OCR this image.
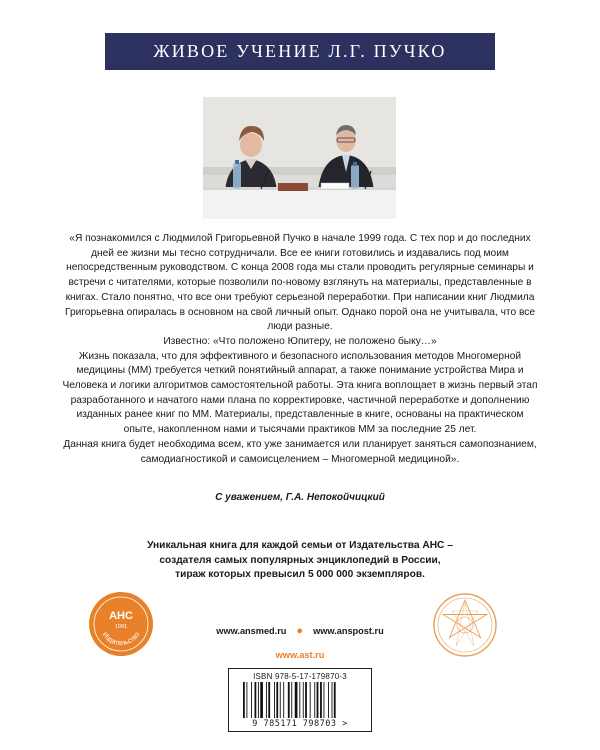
ЖИВОЕ УЧЕНИЕ Л.Г. ПУЧКО

«Я познакомился с Людмилой Григорьевной Пучко в начале 1999 года. С тех пор и до последних дней ее жизни мы тесно сотрудничали. Все ее книги готовились и издавались под моим непосредственным руководством. С конца 2008 года мы стали проводить регулярные семинары и встречи с читателями, которые позволили по-новому взглянуть на материалы, представленные в книгах. Стало понятно, что все они требуют серьезной переработки. При написании книг Людмила Григорьевна опиралась в основном на свой личный опыт. Однако порой она не учитывала, что все люди разные.

Известно: «Что положено Юпитеру, не положено быку…»

Жизнь показала, что для эффективного и безопасного использования методов Многомерной медицины (ММ) требуется четкий понятийный аппарат, а также понимание устройства Мира и Человека и логики алгоритмов самостоятельной работы. Эта книга воплощает в жизнь первый этап разработанного и начатого нами плана по корректировке, частичной переработке и дополнению изданных ранее книг по ММ. Материалы, представленные в книге, основаны на практическом опыте, накопленном нами и тысячами практиков ММ за последние 25 лет.

Данная книга будет необходима всем, кто уже занимается или планирует заняться самопознанием, самодиагностикой и самоисцелением – Многомерной медициной».

С уважением, Г.А. Непокойчицкий
Уникальная книга для каждой семьи от Издательства АНС –
создателя самых популярных энциклопедий в России,
тираж которых превысил 5 000 000 экземпляров.
АНС
1991
Издательство	www.ansmed.ru ● www.anspost.ru
www.ast.ru
ISBN 978-5-17-179870-3
9 785171 798703 >
